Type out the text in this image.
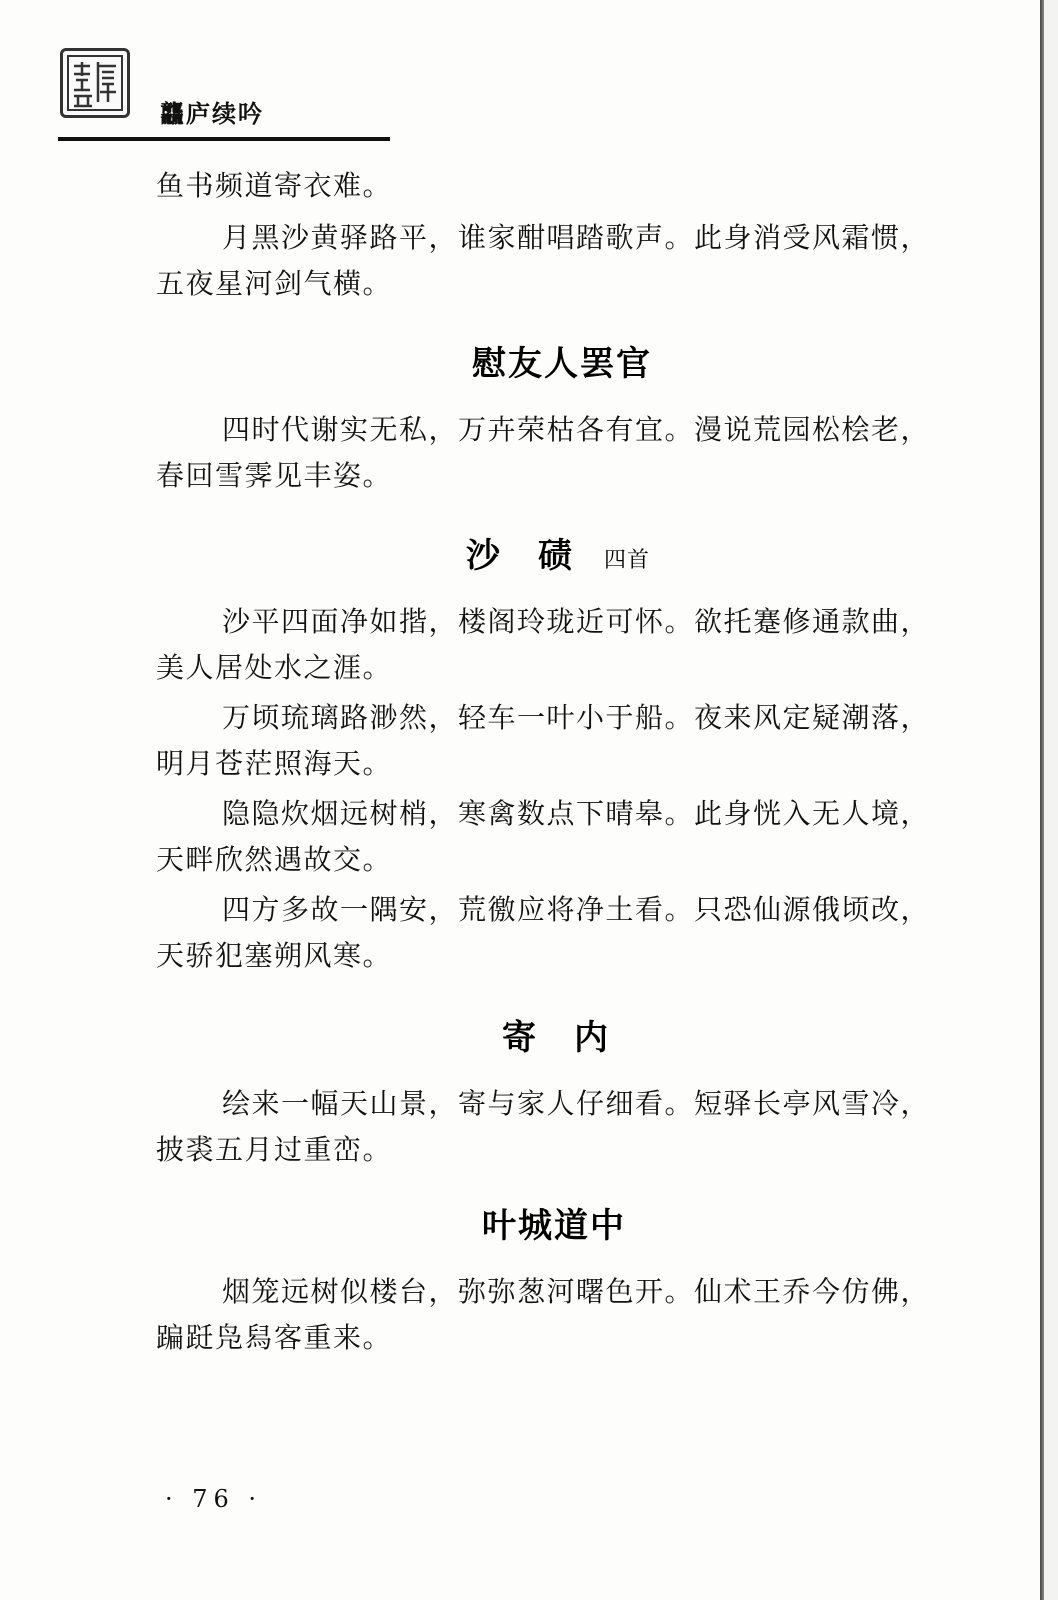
龘庐续吟
鱼书频道寄衣难。
月黑沙黄驿路平，谁家酣唱踏歌声。此身消受风霜惯，
五夜星河剑气横。
慰友人罢官
四时代谢实无私，万卉荣枯各有宜。漫说荒园松桧老，
春回雪霁见丰姿。
沙　碛 四首
沙平四面净如揩，楼阁玲珑近可怀。欲托蹇修通款曲，
美人居处水之涯。
万顷琉璃路渺然，轻车一叶小于船。夜来风定疑潮落，
明月苍茫照海天。
隐隐炊烟远树梢，寒禽数点下晴皋。此身恍入无人境，
天畔欣然遇故交。
四方多故一隅安，荒徼应将净土看。只恐仙源俄顷改，
天骄犯塞朔风寒。
寄　内
绘来一幅天山景，寄与家人仔细看。短驿长亭风雪冷，
披裘五月过重峦。
叶城道中
烟笼远树似楼台，弥弥葱河曙色开。仙术王乔今仿佛，
蹁跹凫舄客重来。
· 76 ·
